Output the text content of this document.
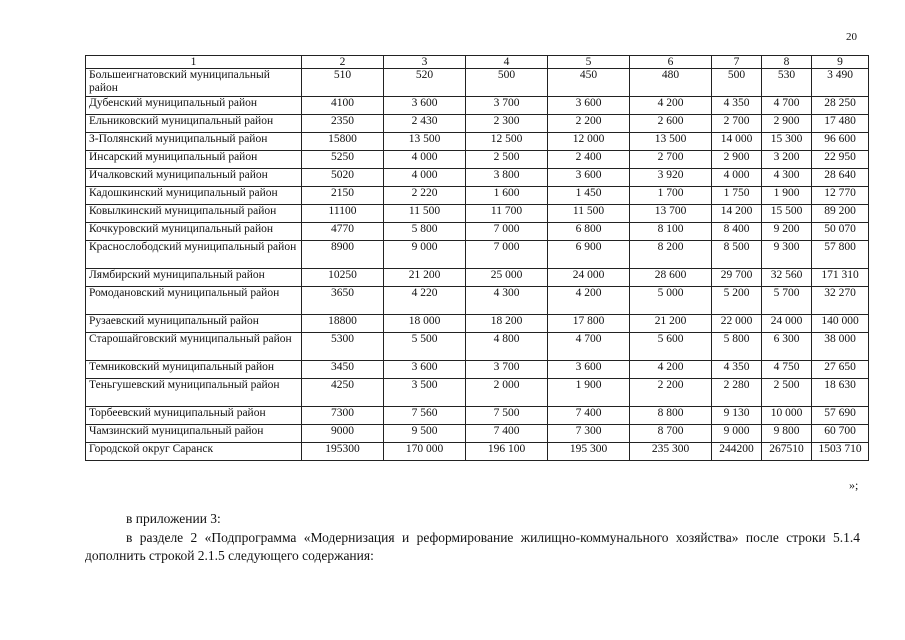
20
1	2	3	4	5	6	7	8	9
Большеигнатовский муниципальный район	510	520	500	450	480	500	530	3 490
Дубенский муниципальный район	4100	3 600	3 700	3 600	4 200	4 350	4 700	28 250
Ельниковский муниципальный район	2350	2 430	2 300	2 200	2 600	2 700	2 900	17 480
З-Полянский муниципальный район	15800	13 500	12 500	12 000	13 500	14 000	15 300	96 600
Инсарский муниципальный район	5250	4 000	2 500	2 400	2 700	2 900	3 200	22 950
Ичалковский муниципальный район	5020	4 000	3 800	3 600	3 920	4 000	4 300	28 640
Кадошкинский муниципальный район	2150	2 220	1 600	1 450	1 700	1 750	1 900	12 770
Ковылкинский муниципальный район	11100	11 500	11 700	11 500	13 700	14 200	15 500	89 200
Кочкуровский муниципальный район	4770	5 800	7 000	6 800	8 100	8 400	9 200	50 070
Краснослободский муниципальный район	8900	9 000	7 000	6 900	8 200	8 500	9 300	57 800
Лямбирский муниципальный район	10250	21 200	25 000	24 000	28 600	29 700	32 560	171 310
Ромодановский муниципальный район	3650	4 220	4 300	4 200	5 000	5 200	5 700	32 270
Рузаевский муниципальный район	18800	18 000	18 200	17 800	21 200	22 000	24 000	140 000
Старошайговский муниципальный район	5300	5 500	4 800	4 700	5 600	5 800	6 300	38 000
Темниковский муниципальный район	3450	3 600	3 700	3 600	4 200	4 350	4 750	27 650
Теньгушевский муниципальный район	4250	3 500	2 000	1 900	2 200	2 280	2 500	18 630
Торбеевский муниципальный район	7300	7 560	7 500	7 400	8 800	9 130	10 000	57 690
Чамзинский муниципальный район	9000	9 500	7 400	7 300	8 700	9 000	9 800	60 700
Городской округ Саранск	195300	170 000	196 100	195 300	235 300	244200	267510	1503 710
»;
в приложении 3:
в разделе 2 «Подпрограмма «Модернизация и реформирование жилищно-коммунального хозяйства» после строки 5.1.4 дополнить строкой 2.1.5 следующего содержания:
